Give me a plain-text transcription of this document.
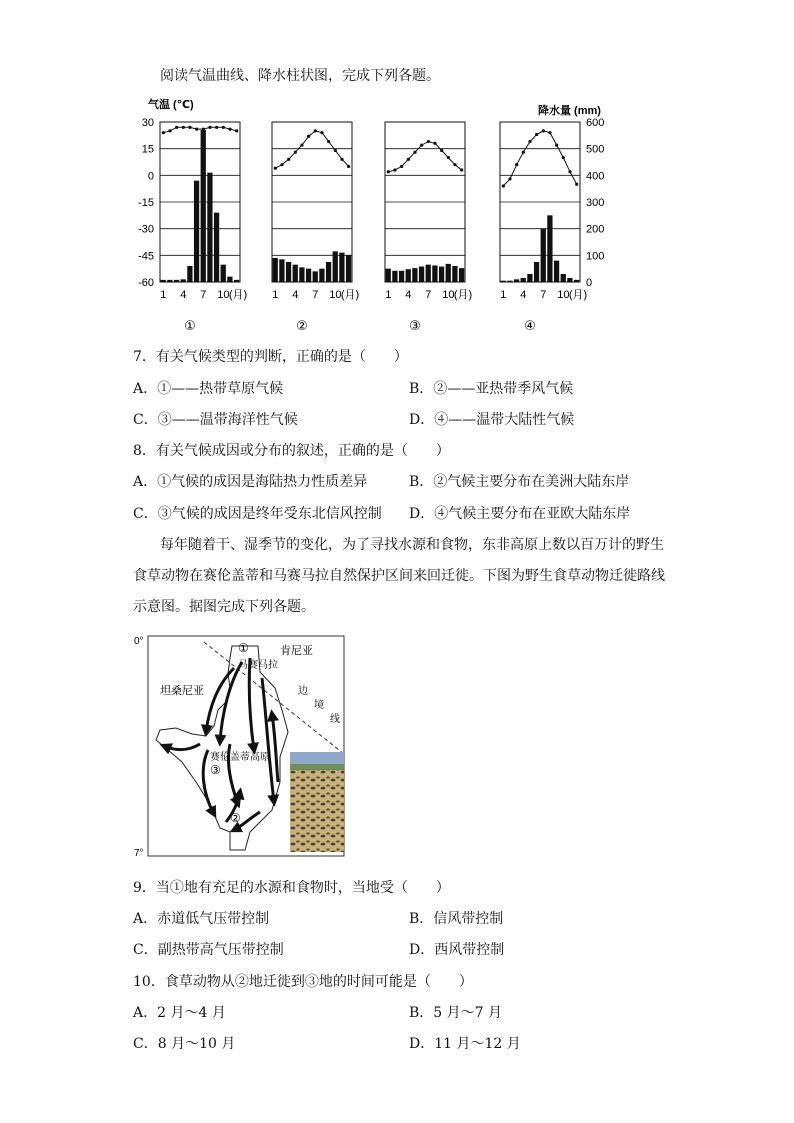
阅读气温曲线、降水柱状图，完成下列各题。
气温 (℃)	降水量 (mm)
30
15
0
-15
-30
-45
-60
600
500
400
300
200
100
0
1 4 7 10 (月)
①
1 4 7 10 (月)
②
1 4 7 10 (月)
③
1 4 7 10 (月)
④
7．有关气候类型的判断，正确的是（　　）
A．①——热带草原气候	B．②——亚热带季风气候
C．③——温带海洋性气候	D．④——温带大陆性气候
8．有关气候成因或分布的叙述，正确的是（　　）
A．①气候的成因是海陆热力性质差异	B．②气候主要分布在美洲大陆东岸
C．③气候的成因是终年受东北信风控制 D．④气候主要分布在亚欧大陆东岸
每年随着干、湿季节的变化，为了寻找水源和食物，东非高原上数以百万计的野生
食草动物在赛伦盖蒂和马赛马拉自然保护区间来回迁徙。下图为野生食草动物迁徙路线
示意图。据图完成下列各题。
0°
7°
肯尼亚
坦桑尼亚
马赛马拉
赛伦盖蒂高原
边
境
线
①
②
③
9．当①地有充足的水源和食物时，当地受（　　）
A．赤道低气压带控制	B．信风带控制
C．副热带高气压带控制	D．西风带控制
10．食草动物从②地迁徙到③地的时间可能是（　　）
A．2 月～4 月	B．5 月～7 月
C．8 月～10 月	D．11 月～12 月
